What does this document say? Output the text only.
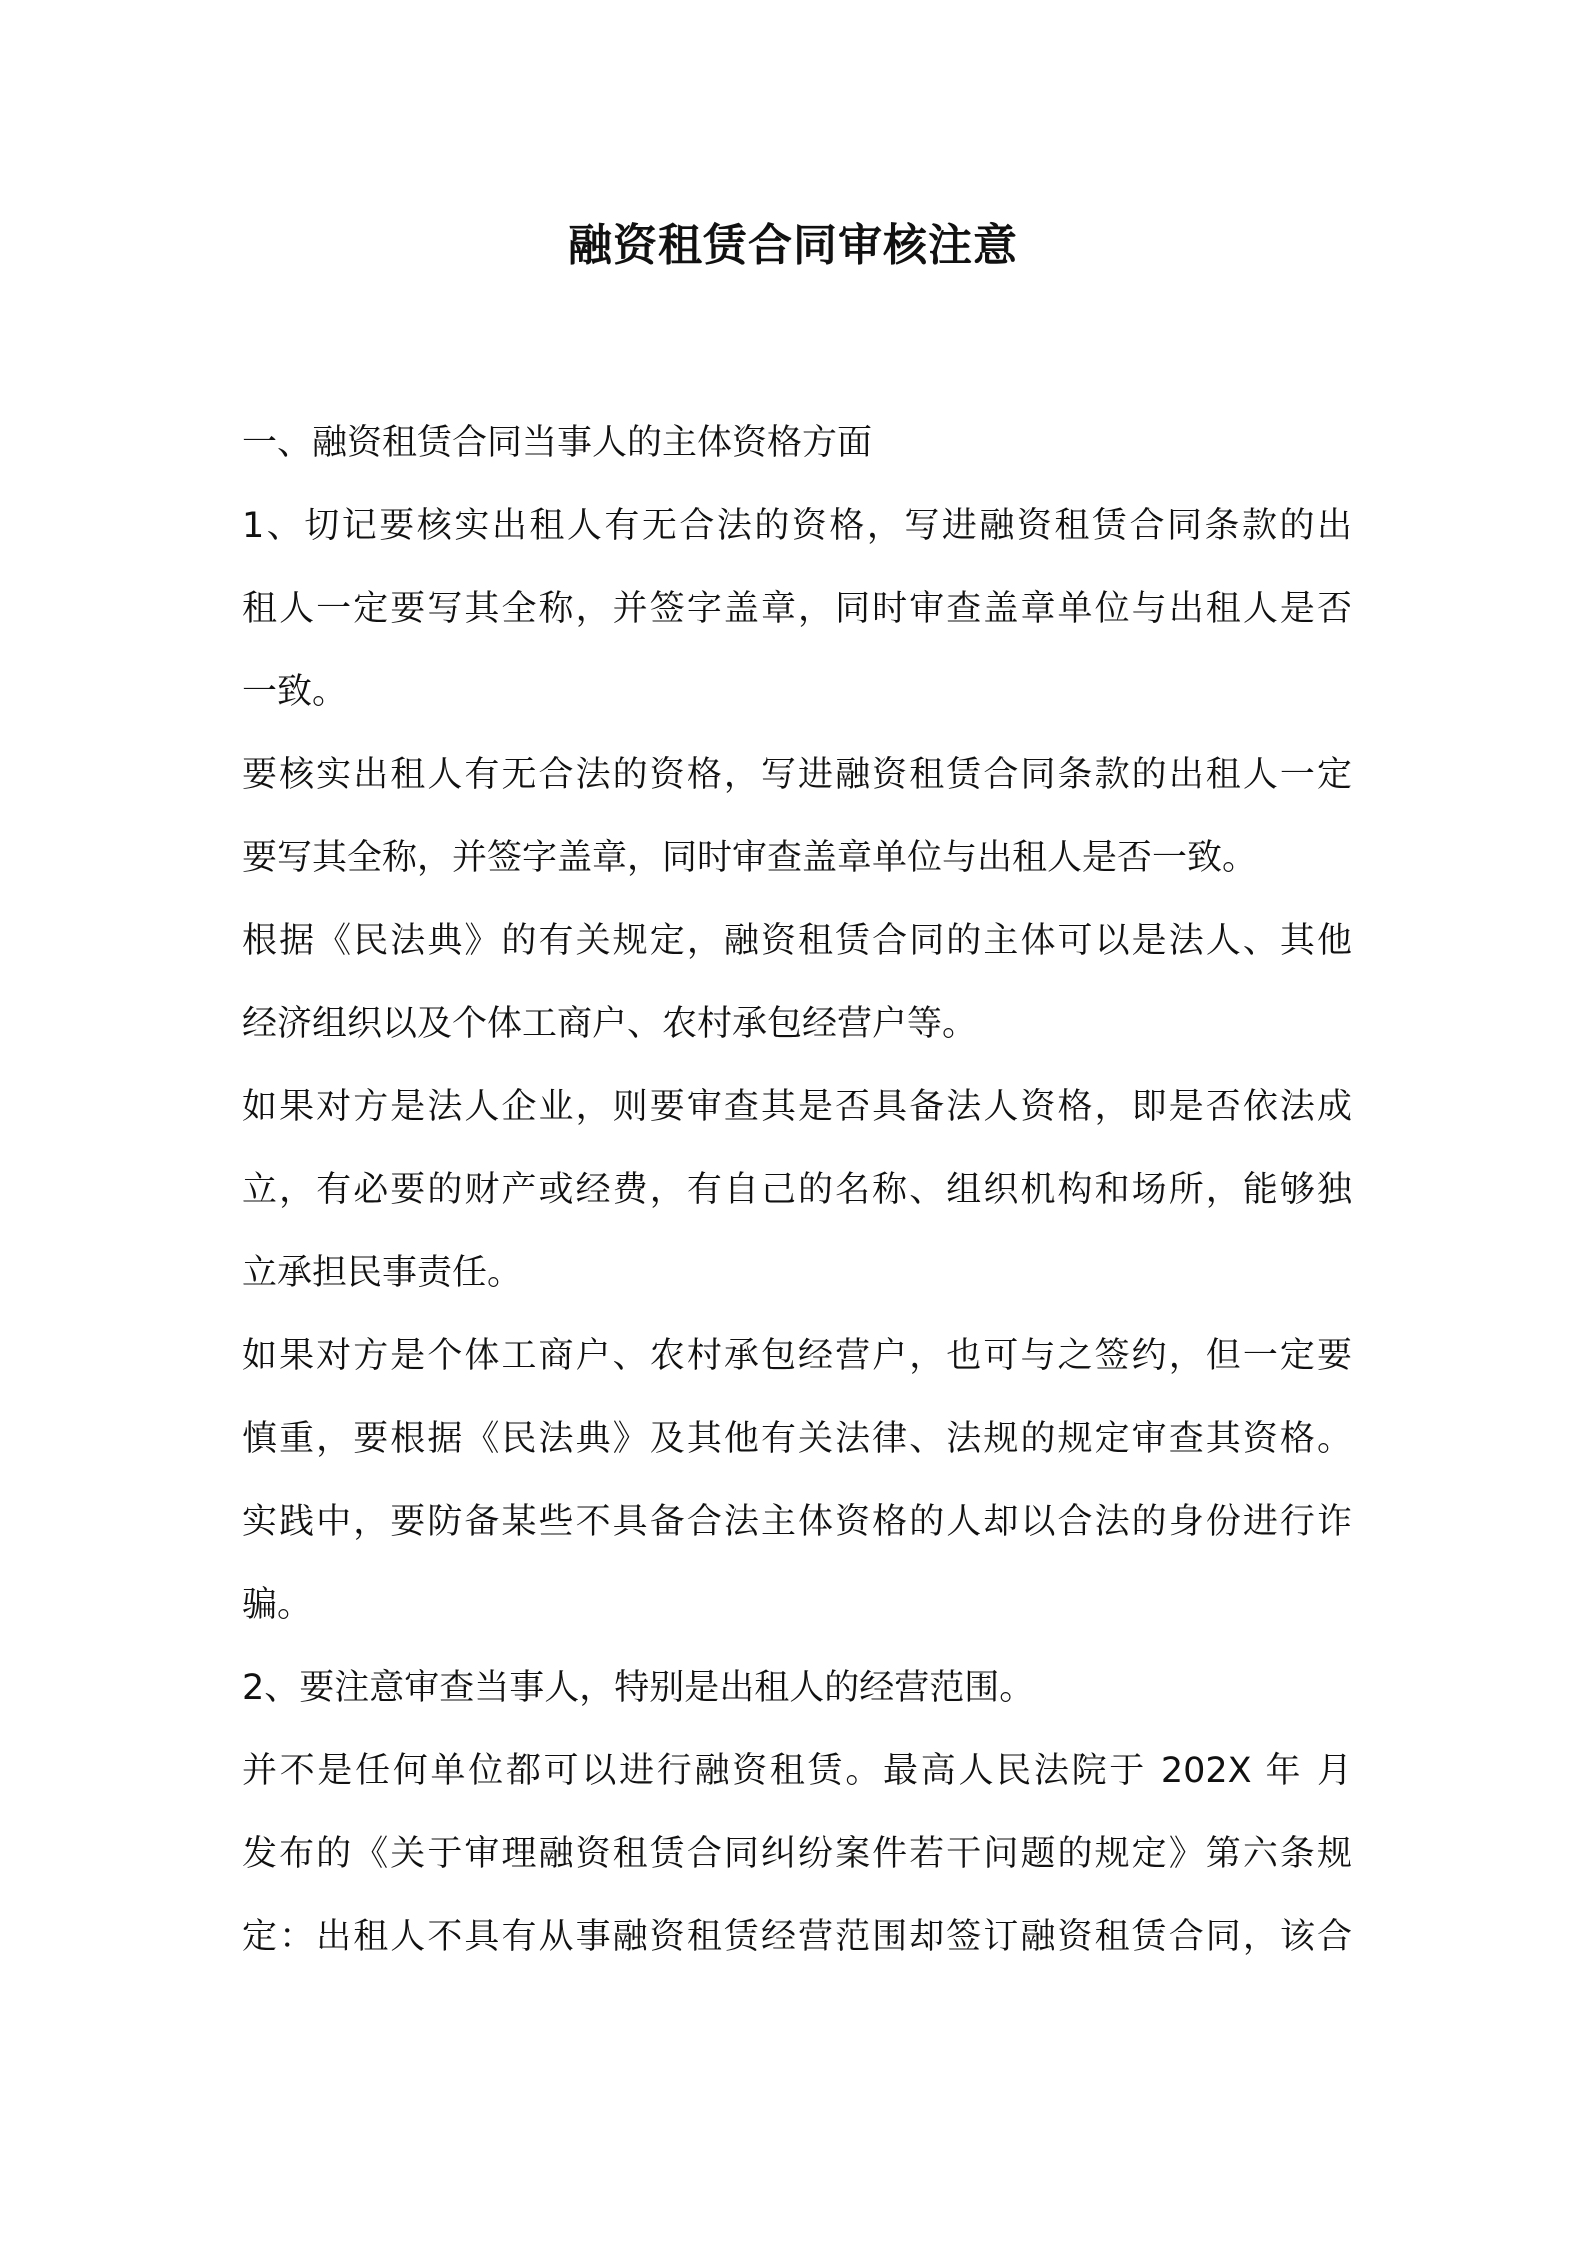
融资租赁合同审核注意
一、融资租赁合同当事人的主体资格方面
1、切记要核实出租人有无合法的资格，写进融资租赁合同条款的出
租人一定要写其全称，并签字盖章，同时审查盖章单位与出租人是否
一致。
要核实出租人有无合法的资格，写进融资租赁合同条款的出租人一定
要写其全称，并签字盖章，同时审查盖章单位与出租人是否一致。
根据《民法典》的有关规定，融资租赁合同的主体可以是法人、其他
经济组织以及个体工商户、农村承包经营户等。
如果对方是法人企业，则要审查其是否具备法人资格，即是否依法成
立，有必要的财产或经费，有自己的名称、组织机构和场所，能够独
立承担民事责任。
如果对方是个体工商户、农村承包经营户，也可与之签约，但一定要
慎重，要根据《民法典》及其他有关法律、法规的规定审查其资格。
实践中，要防备某些不具备合法主体资格的人却以合法的身份进行诈
骗。
2、要注意审查当事人，特别是出租人的经营范围。
并不是任何单位都可以进行融资租赁。最高人民法院于 202X 年 月
发布的《关于审理融资租赁合同纠纷案件若干问题的规定》第六条规
定：出租人不具有从事融资租赁经营范围却签订融资租赁合同，该合
